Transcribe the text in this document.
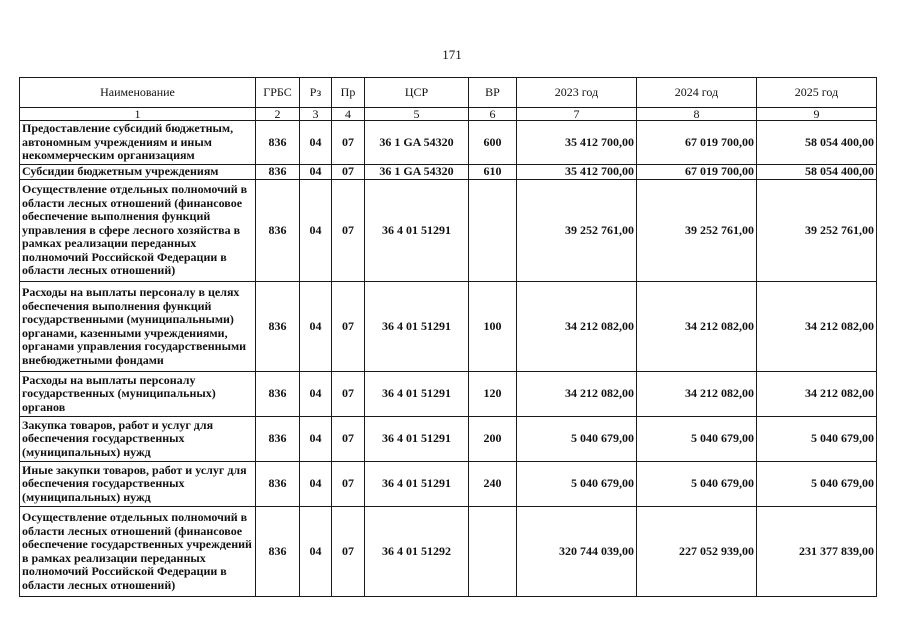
171
Наименование	ГРБС	Рз	Пр	ЦСР	ВР	2023 год	2024 год	2025 год
1	2	3	4	5	6	7	8	9
Предоставление субсидий бюджетным, автономным учреждениям и иным некоммерческим организациям	836	04	07	36 1 GA 54320	600	35 412 700,00	67 019 700,00	58 054 400,00
Субсидии бюджетным учреждениям	836	04	07	36 1 GA 54320	610	35 412 700,00	67 019 700,00	58 054 400,00
Осуществление отдельных полномочий в области лесных отношений (финансовое обеспечение выполнения функций управления в сфере лесного хозяйства в рамках реализации переданных полномочий Российской Федерации в области лесных отношений)	836	04	07	36 4 01 51291		39 252 761,00	39 252 761,00	39 252 761,00
Расходы на выплаты персоналу в целях обеспечения выполнения функций государственными (муниципальными) органами, казенными учреждениями, органами управления государственными внебюджетными фондами	836	04	07	36 4 01 51291	100	34 212 082,00	34 212 082,00	34 212 082,00
Расходы на выплаты персоналу государственных (муниципальных) органов	836	04	07	36 4 01 51291	120	34 212 082,00	34 212 082,00	34 212 082,00
Закупка товаров, работ и услуг для обеспечения государственных (муниципальных) нужд	836	04	07	36 4 01 51291	200	5 040 679,00	5 040 679,00	5 040 679,00
Иные закупки товаров, работ и услуг для обеспечения государственных (муниципальных) нужд	836	04	07	36 4 01 51291	240	5 040 679,00	5 040 679,00	5 040 679,00
Осуществление отдельных полномочий в области лесных отношений (финансовое обеспечение государственных учреждений в рамках реализации переданных полномочий Российской Федерации в области лесных отношений)	836	04	07	36 4 01 51292		320 744 039,00	227 052 939,00	231 377 839,00
